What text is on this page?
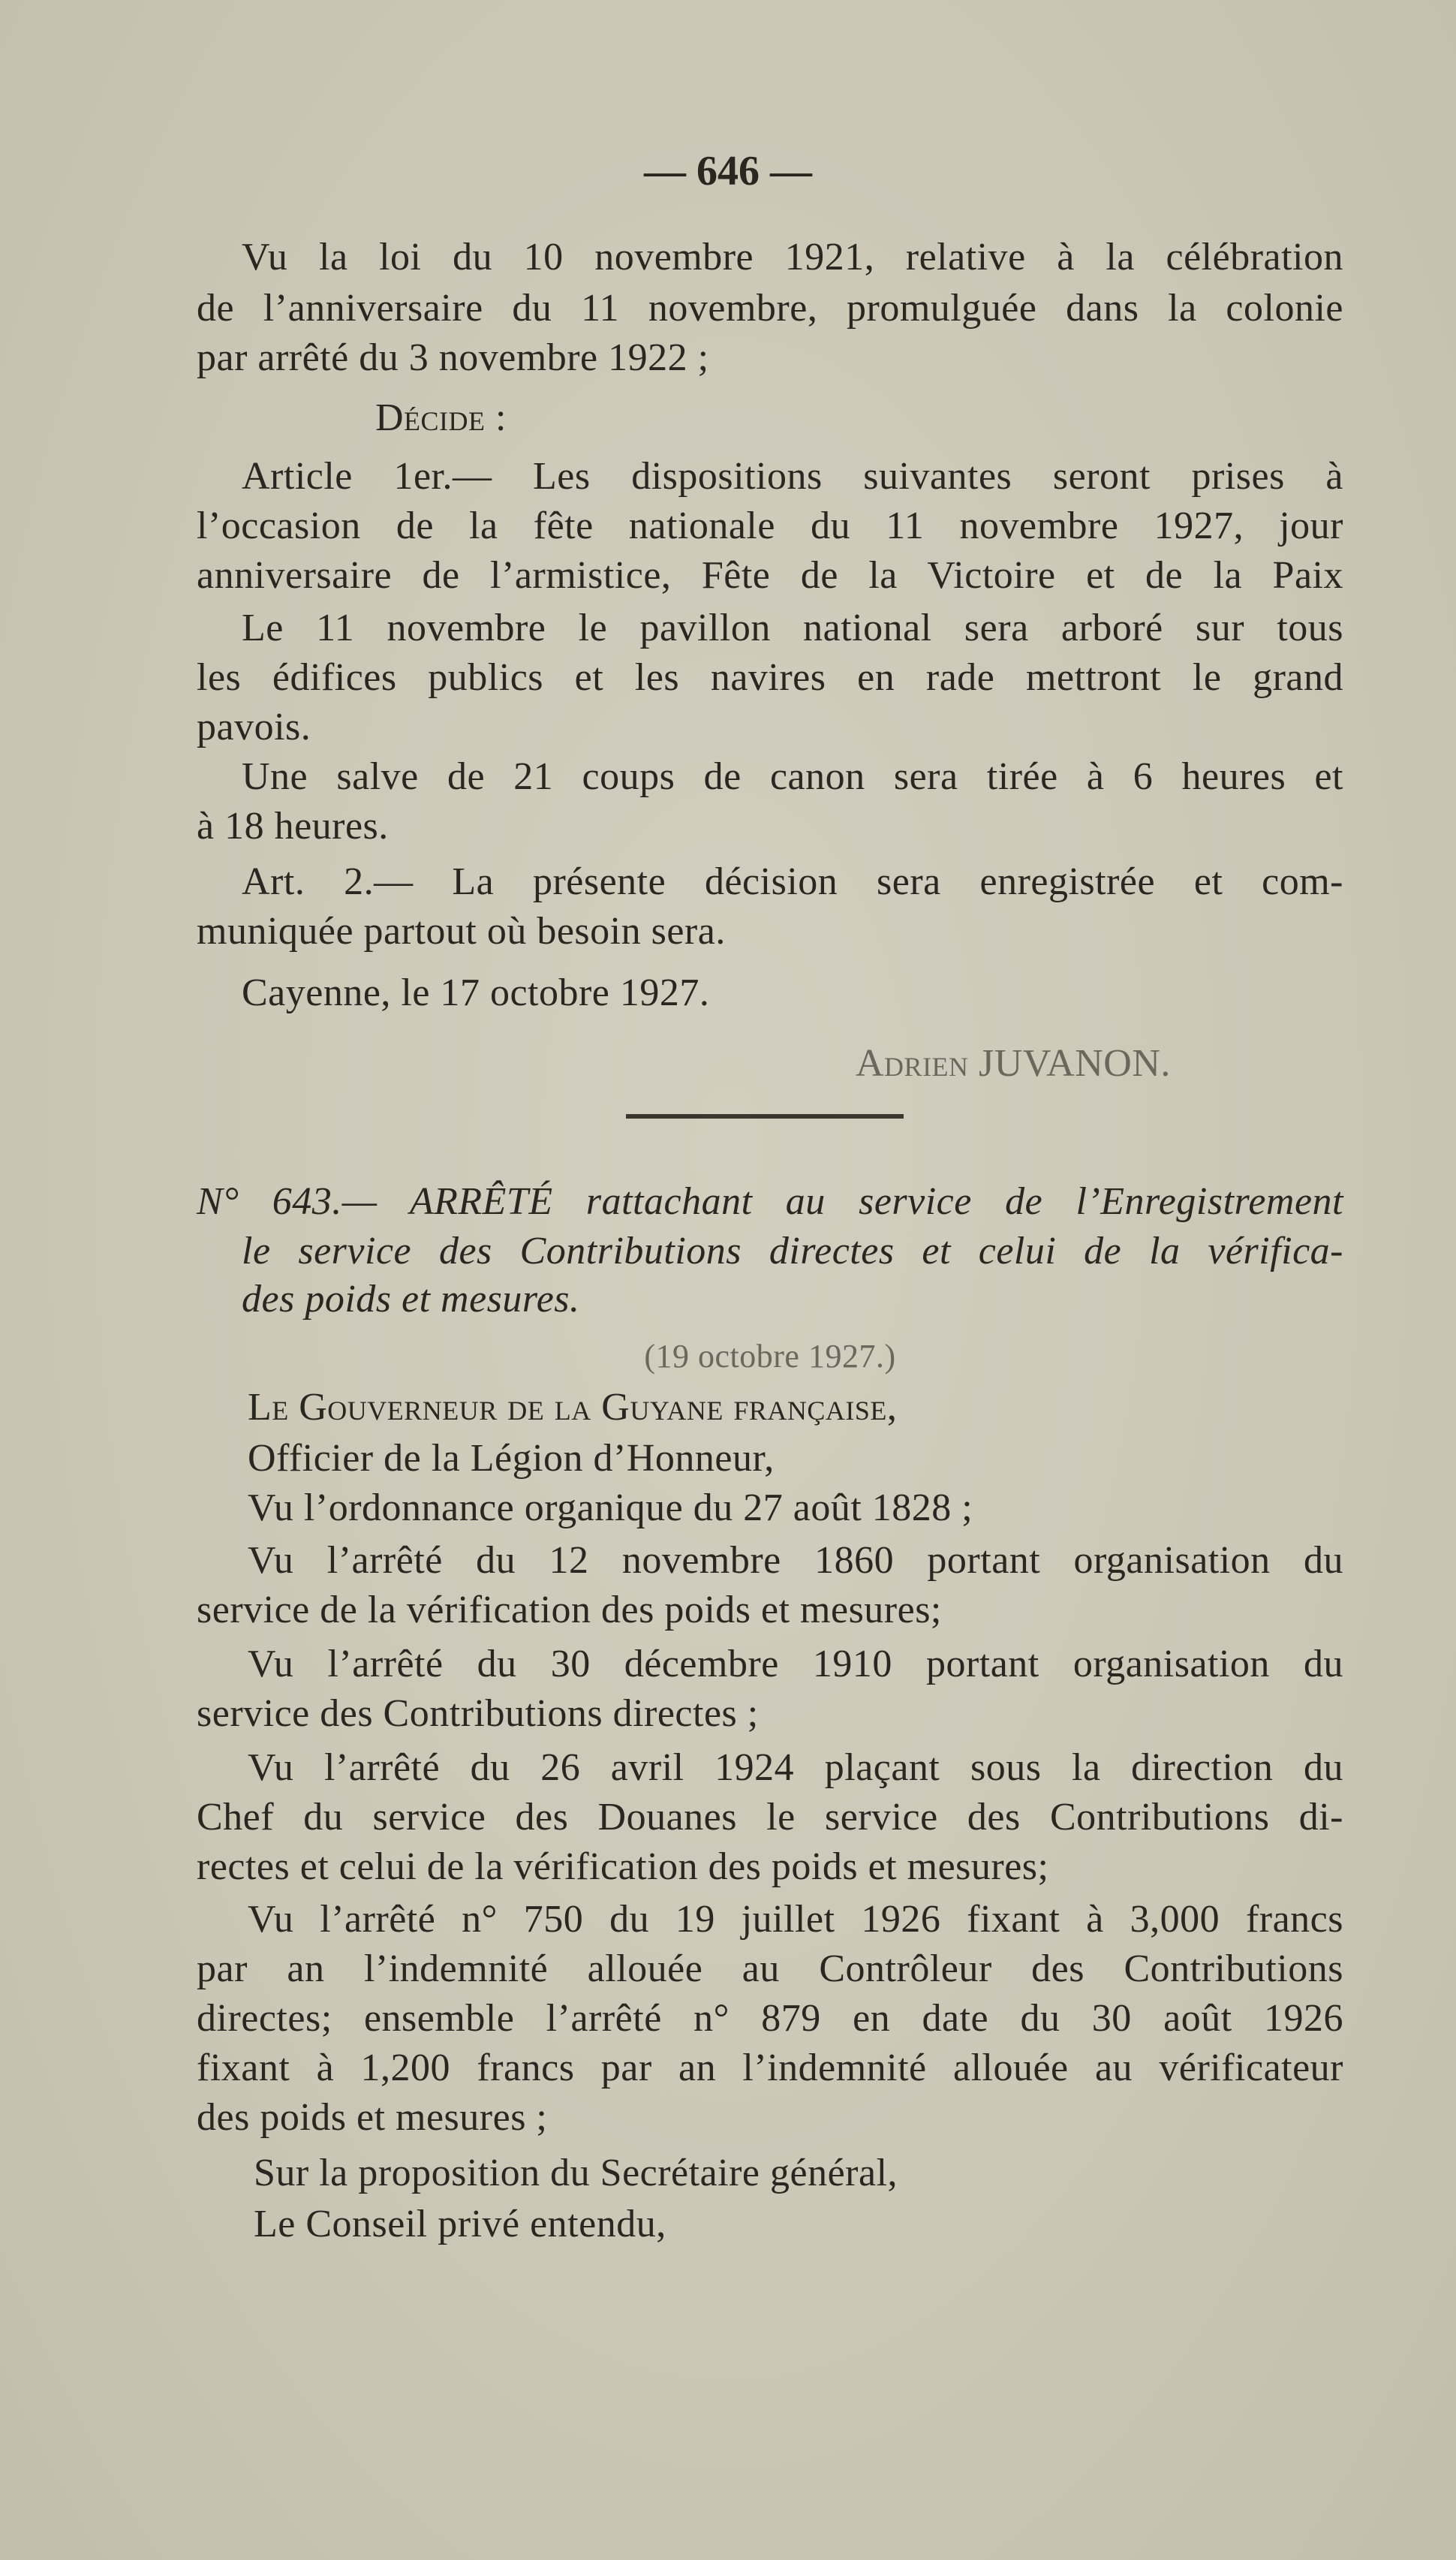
— 646 —
Vu la loi du 10 novembre 1921, relative à la célébration
de l’anniversaire du 11 novembre, promulguée dans la colonie
par arrêté du 3 novembre 1922 ;
Décide :
Article 1er.— Les dispositions suivantes seront prises à
l’occasion de la fête nationale du 11 novembre 1927, jour
anniversaire de l’armistice, Fête de la Victoire et de la Paix
Le 11 novembre le pavillon national sera arboré sur tous
les édifices publics et les navires en rade mettront le grand
pavois.
Une salve de 21 coups de canon sera tirée à 6 heures et
à 18 heures.
Art. 2.— La présente décision sera enregistrée et com-
muniquée partout où besoin sera.
Cayenne, le 17 octobre 1927.
Adrien JUVANON.
N° 643.— ARRÊTÉ rattachant au service de l’Enregistrement
le service des Contributions directes et celui de la vérifica-
des poids et mesures.
(19 octobre 1927.)
Le Gouverneur de la Guyane française,
Officier de la Légion d’Honneur,
Vu l’ordonnance organique du 27 août 1828 ;
Vu l’arrêté du 12 novembre 1860 portant organisation du
service de la vérification des poids et mesures;
Vu l’arrêté du 30 décembre 1910 portant organisation du
service des Contributions directes ;
Vu l’arrêté du 26 avril 1924 plaçant sous la direction du
Chef du service des Douanes le service des Contributions di-
rectes et celui de la vérification des poids et mesures;
Vu l’arrêté n° 750 du 19 juillet 1926 fixant à 3,000 francs
par an l’indemnité allouée au Contrôleur des Contributions
directes; ensemble l’arrêté n° 879 en date du 30 août 1926
fixant à 1,200 francs par an l’indemnité allouée au vérificateur
des poids et mesures ;
Sur la proposition du Secrétaire général,
Le Conseil privé entendu,
